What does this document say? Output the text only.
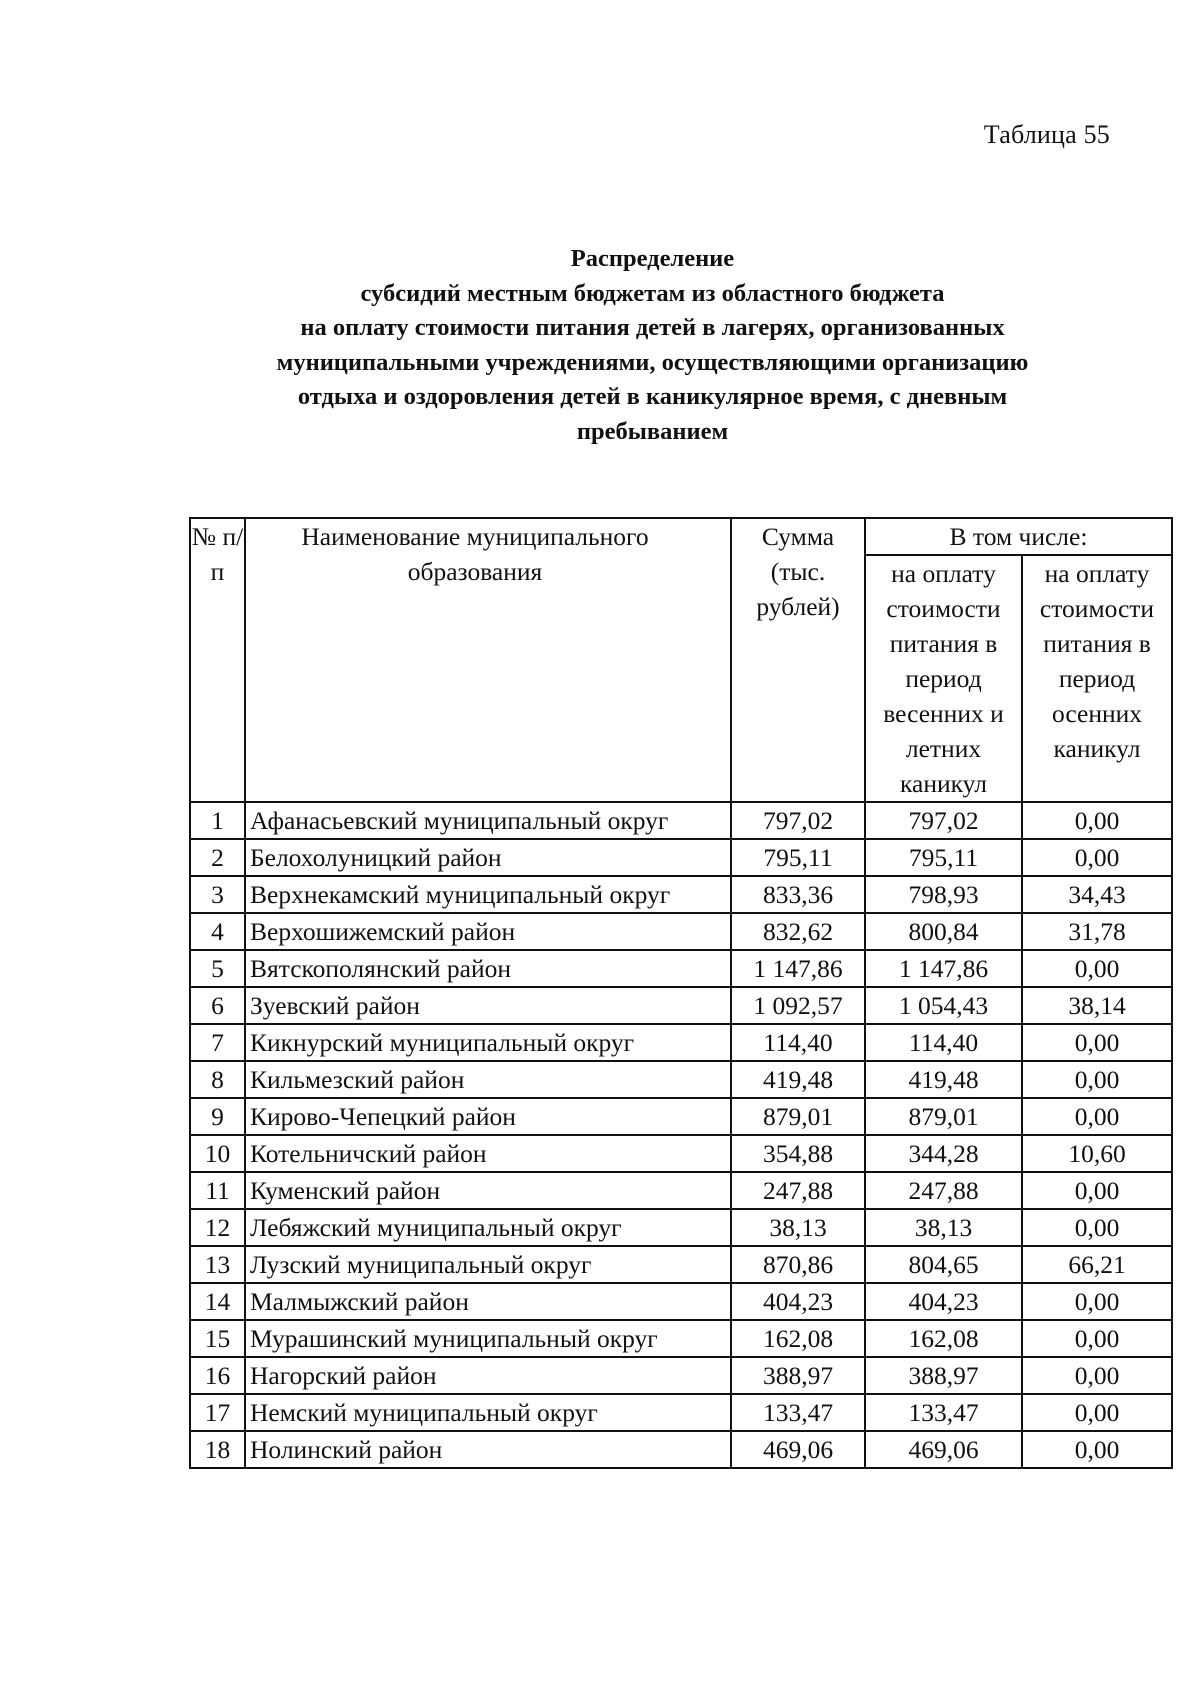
Таблица 55
Распределение
субсидий местным бюджетам из областного бюджета
на оплату стоимости питания детей в лагерях, организованных
муниципальными учреждениями, осуществляющими организацию
отдыха и оздоровления детей в каникулярное время, с дневным
пребыванием
№ п/п	Наименование муниципального образования	Сумма (тыс. рублей)	В том числе:	
			на оплату стоимости питания в период весенних и летних каникул	на оплату стоимости питания в период осенних каникул
1	Афанасьевский муниципальный округ	797,02	797,02	0,00
2	Белохолуницкий район	795,11	795,11	0,00
3	Верхнекамский муниципальный округ	833,36	798,93	34,43
4	Верхошижемский район	832,62	800,84	31,78
5	Вятскополянский район	1 147,86	1 147,86	0,00
6	Зуевский район	1 092,57	1 054,43	38,14
7	Кикнурский муниципальный округ	114,40	114,40	0,00
8	Кильмезский район	419,48	419,48	0,00
9	Кирово-Чепецкий район	879,01	879,01	0,00
10	Котельничский район	354,88	344,28	10,60
11	Куменский район	247,88	247,88	0,00
12	Лебяжский муниципальный округ	38,13	38,13	0,00
13	Лузский муниципальный округ	870,86	804,65	66,21
14	Малмыжский район	404,23	404,23	0,00
15	Мурашинский муниципальный округ	162,08	162,08	0,00
16	Нагорский район	388,97	388,97	0,00
17	Немский муниципальный округ	133,47	133,47	0,00
18	Нолинский район	469,06	469,06	0,00
